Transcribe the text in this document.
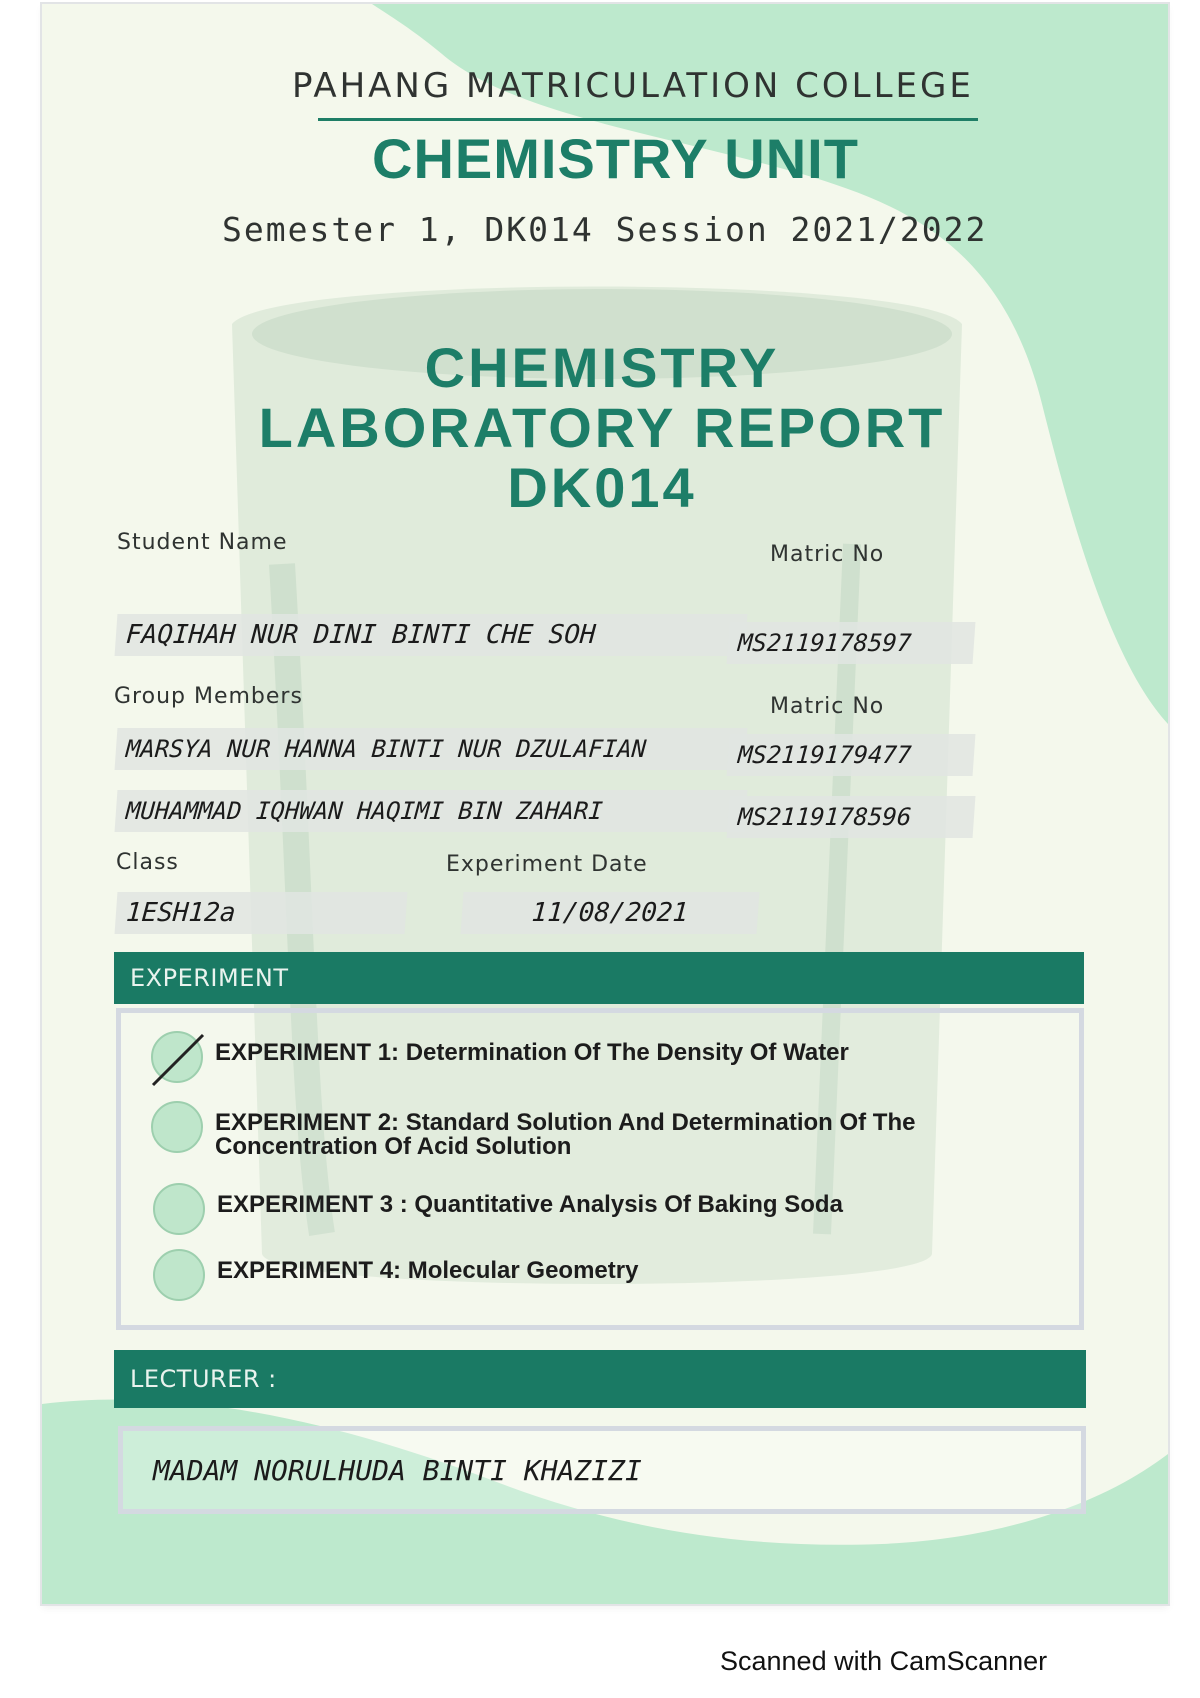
PAHANG MATRICULATION COLLEGE
CHEMISTRY UNIT
Semester 1, DK014 Session 2021/2022
CHEMISTRY
LABORATORY REPORT
DK014
Student Name	Matric No
FAQIHAH NUR DINI BINTI CHE SOH	MS2119178597
Group Members	Matric No
MARSYA NUR HANNA BINTI NUR DZULAFIAN	MS2119179477
MUHAMMAD IQHWAN HAQIMI BIN ZAHARI	MS2119178596
Class	Experiment Date
1ESH12a	11/08/2021
EXPERIMENT
EXPERIMENT 1: Determination Of The Density Of Water
EXPERIMENT 2: Standard Solution And Determination Of The Concentration Of Acid Solution
EXPERIMENT 3 : Quantitative Analysis Of Baking Soda
EXPERIMENT 4: Molecular Geometry
LECTURER :
MADAM NORULHUDA BINTI KHAZIZI
Scanned with CamScanner
